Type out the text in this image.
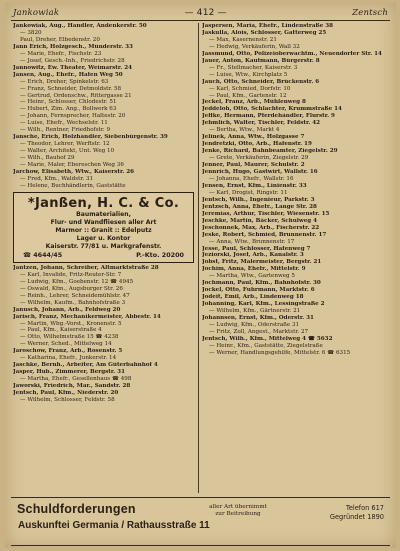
Jankowiak	— 412 —	Zentsch
Jankowiak, Aug., Handler, Andenkerstr. 50
— 3820
Paul, Dreher, Elbedenstr. 20
Jann Erich, Holzgesch., Münderstr. 33
— Marie, Ehefr., Fischstr. 23
— Josef, Gesch.-Inh., Friedrichstr. 28
Jannowitz, Ew. Theater, Weimarstr. 24
Jansen, Aug., Ehefr., Hafen Weg 50
— Erich, Dreher, Spinkelstr. 63
— Franz, Schneider, Detmoldstr. 58
— Gertrud, Ordenschw., Rittergasse 21
— Heinr., Schlosser, Chlodestr. 51
— Hubert, Zim. Ang., Bollwerk 63
— Johann, Fernsprecher, Haltestr. 20
— Luise, Ehefr., Wechselstr. 11
— Wilh., Rentner, Friedhofstr. 9
Jansche, Erich, Holzhändler, Siebenbürgenstr. 39
— Theodor, Lehrer, Werftstr. 12
— Walter, Architekt, Unt. Weg 10
— Wilh., Bauhof 29
— Marie, Maler, Ebereschen Weg 36
Jarchow, Elisabeth, Wtw., Kaiserstr. 26
— Fred, Kfm., Waldstr. 31
— Helene, Buchhändlerin, Gaststätte
*Janßen, H. C. & Co.
Baumaterialien,
Flur- und Wandfliesen aller Art
Marmor :: Granit :: Edelputz
Lager u. Kontor
Kaiserstr. 77/81 u. Markgrafenstr.
☎ 4644/45	P.-Kto. 20200
Jantzen, Johann, Schreiber, Altmarktstraße 28
— Karl, Invalide, Fritz-Reuter-Str. 7
— Ludwig, Kfm., Goebenstr. 12 ☎ 4945
— Oswald, Kfm., Augsburger Str. 26
— Reinh., Lehrer, Schneidemühlstr. 47
— Wilhelm, Kaufm., Bahnhofstraße 3
Janusch, Johann, Arb., Feldweg 20
Jarisch, Franz, Mechanikermeister, Abbestr. 14
— Martin, Wbg.-Vorst., Kronenstr. 5
— Paul, Kfm., Kaiserstraße 4
— Otto, Wilhelmstraße 15 ☎ 4238
— Werner, Sched., Mittelweg 14
Jaroschow, Franz, Arb., Rosenstr. 5
— Katharina, Ehefr., Junkerstr. 14
Jaschke, Bernh., Arbeiter, Am Güterbahnhof 4
Jasper, Hub., Zimmerer, Bergstr. 31
— Martha, Ehefr., Gesellenhaus ☎ 498
Jaworski, Friedrich, Mar., Sandstr. 28
Jentsch, Paul, Kfm., Niederstr. 20
— Wilhelm, Schlosser, Feldstr. 58
Jaspersen, Maria, Ehefr., Lindenstraße 38
Jaskulla, Alois, Schlosser, Gatterweg 25
— Max, Kasernenstr. 21
— Hedwig, Verkäuferin, Wall 32
Jassmund, Otto, Polizeioberwachtm., Neuendorfer Str. 14
Jauer, Anton, Kaufmann, Bürgerstr. 8
— Fr., Stellmacher, Kaiserstr. 3
— Luise, Wtw., Kirchplatz 5
Jauch, Otto, Schneider, Brückenstr. 6
— Karl, Schmied, Dorfstr. 10
— Paul, Kfm., Gartenstr. 12
Jeckel, Franz, Arb., Mühlenweg 8
Jeddeloh, Otto, Schlachter, Krummstraße 14
Jeffke, Hermann, Pferdehändler, Flurstr. 9
Jehmlich, Walter, Tischler, Feldstr. 42
— Bertha, Wtw., Markt 4
Jelinek, Anna, Wtw., Holzgasse 7
Jendretzki, Otto, Arb., Hafenstr. 19
Jenke, Richard, Bahnbeamter, Ziegelstr. 29
— Grete, Verkäuferin, Ziegelstr. 29
Jenner, Paul, Maurer, Schulstr. 2
Jennrich, Hugo, Gastwirt, Wallstr. 16
— Johanna, Ehefr., Wallstr. 16
Jensen, Ernst, Kfm., Linienstr. 33
— Karl, Drogist, Ringstr. 11
Jentsch, Wilh., Ingenieur, Parkstr. 3
Jentzsch, Anna, Ehefr., Lange Str. 28
Jeremias, Arthur, Tischler, Wiesenstr. 15
Jeschke, Martin, Bäcker, Schulweg 4
Jeschonnek, Max, Arb., Fischerstr. 22
Jeske, Robert, Schmied, Brunnenstr. 17
— Anna, Wtw., Brunnenstr. 17
Jesse, Paul, Schlosser, Hafenweg 7
Jeziorski, Josef, Arb., Kanalstr. 3
Jobst, Fritz, Malermeister, Bergstr. 21
Jochim, Anna, Ehefr., Mittelstr. 9
— Martha, Wtw., Gartenweg 5
Jochmann, Paul, Kfm., Bahnhofstr. 30
Jockel, Otto, Fuhrmann, Marktstr. 6
Jodeit, Emil, Arb., Lindenweg 18
Johanning, Karl, Kfm., Lessingstraße 2
— Wilhelm, Kfm., Gärtnerstr. 21
Johannsen, Ernst, Kfm., Oderstr. 31
— Ludwig, Kfm., Oderstraße 31
— Fritz, Zoll, Angest., Marktstr. 27
Jentsch, Wilh., Kfm., Mittelweg 4 ☎ 5632
— Heinr., Kfm., Gaststätte, Ziegelstraße
— Werner, Handlungsgehilfe, Mittelstr. 6 ☎ 6315
Schuldforderungen
Auskunftei Germania / Rathausstraße 11
aller Art übernimmt zur Beitreibung
Telefon 617
Gegründet 1890
